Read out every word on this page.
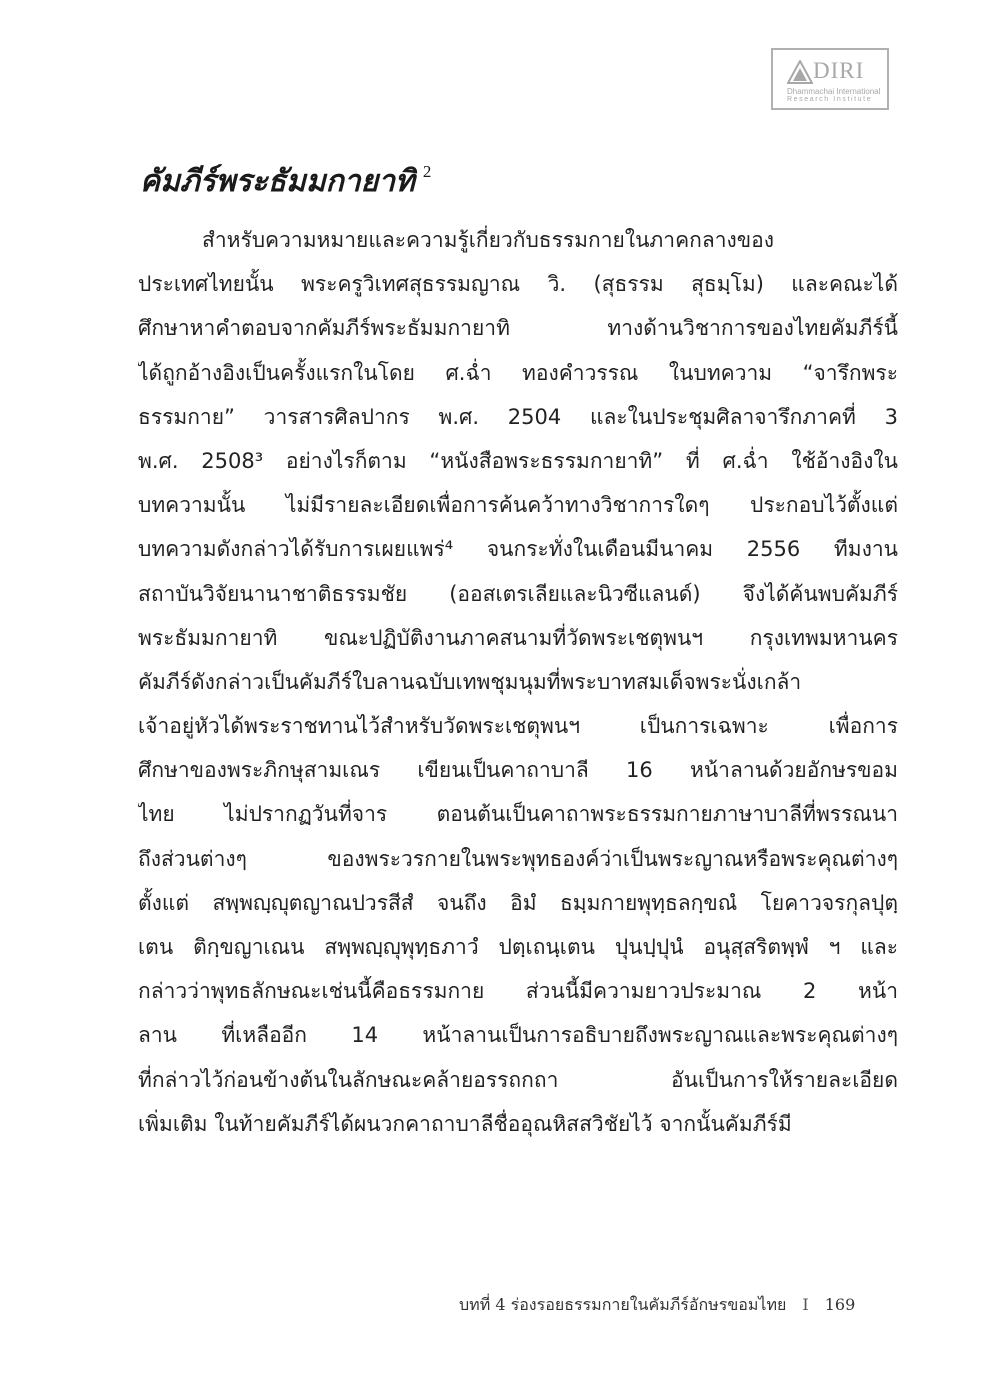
DIRI
Dhammachai International
Research Institute
คัมภีร์พระธัมมกายาทิ $^2$
สำหรับความหมายและความรู้เกี่ยวกับธรรมกายในภาคกลางของ
ประเทศไทยนั้น พระครูวิเทศสุธรรมญาณ วิ. (สุธรรม สุธมฺโม) และคณะได้
ศึกษาหาคำตอบจากคัมภีร์พระธัมมกายาทิ ทางด้านวิชาการของไทยคัมภีร์นี้
ได้ถูกอ้างอิงเป็นครั้งแรกในโดย ศ.ฉ่ำ ทองคำวรรณ ในบทความ “จารึกพระ
ธรรมกาย” วารสารศิลปากร พ.ศ. 2504 และในประชุมศิลาจารึกภาคที่ 3
พ.ศ. 2508³ อย่างไรก็ตาม “หนังสือพระธรรมกายาทิ” ที่ ศ.ฉ่ำ ใช้อ้างอิงใน
บทความนั้น ไม่มีรายละเอียดเพื่อการค้นคว้าทางวิชาการใดๆ ประกอบไว้ตั้งแต่
บทความดังกล่าวได้รับการเผยแพร่⁴ จนกระทั่งในเดือนมีนาคม 2556 ทีมงาน
สถาบันวิจัยนานาชาติธรรมชัย (ออสเตรเลียและนิวซีแลนด์) จึงได้ค้นพบคัมภีร์
พระธัมมกายาทิ ขณะปฏิบัติงานภาคสนามที่วัดพระเชตุพนฯ กรุงเทพมหานคร
คัมภีร์ดังกล่าวเป็นคัมภีร์ใบลานฉบับเทพชุมนุมที่พระบาทสมเด็จพระนั่งเกล้า
เจ้าอยู่หัวได้พระราชทานไว้สำหรับวัดพระเชตุพนฯ เป็นการเฉพาะ เพื่อการ
ศึกษาของพระภิกษุสามเณร เขียนเป็นคาถาบาลี 16 หน้าลานด้วยอักษรขอม
ไทย ไม่ปรากฏวันที่จาร ตอนต้นเป็นคาถาพระธรรมกายภาษาบาลีที่พรรณนา
ถึงส่วนต่างๆ ของพระวรกายในพระพุทธองค์ว่าเป็นพระญาณหรือพระคุณต่างๆ
ตั้งแต่ สพฺพญฺญุตญาณปวรสีสํ จนถึง อิมํ ธมฺมกายพุทฺธลกฺขณํ โยคาวจรกุลปุตฺ
เตน ติกฺขญาเณน สพฺพญฺญุพุทฺธภาวํ ปตฺเถนฺเตน ปุนปฺปุนํ อนุสฺสริตพฺพํ ฯ และ
กล่าวว่าพุทธลักษณะเช่นนี้คือธรรมกาย ส่วนนี้มีความยาวประมาณ 2 หน้า
ลาน ที่เหลืออีก 14 หน้าลานเป็นการอธิบายถึงพระญาณและพระคุณต่างๆ
ที่กล่าวไว้ก่อนข้างต้นในลักษณะคล้ายอรรถกถา อันเป็นการให้รายละเอียด
เพิ่มเติม ในท้ายคัมภีร์ได้ผนวกคาถาบาลีชื่ออุณหิสสวิชัยไว้ จากนั้นคัมภีร์มี
บทที่ 4 ร่องรอยธรรมกายในคัมภีร์อักษรขอมไทย I 169
